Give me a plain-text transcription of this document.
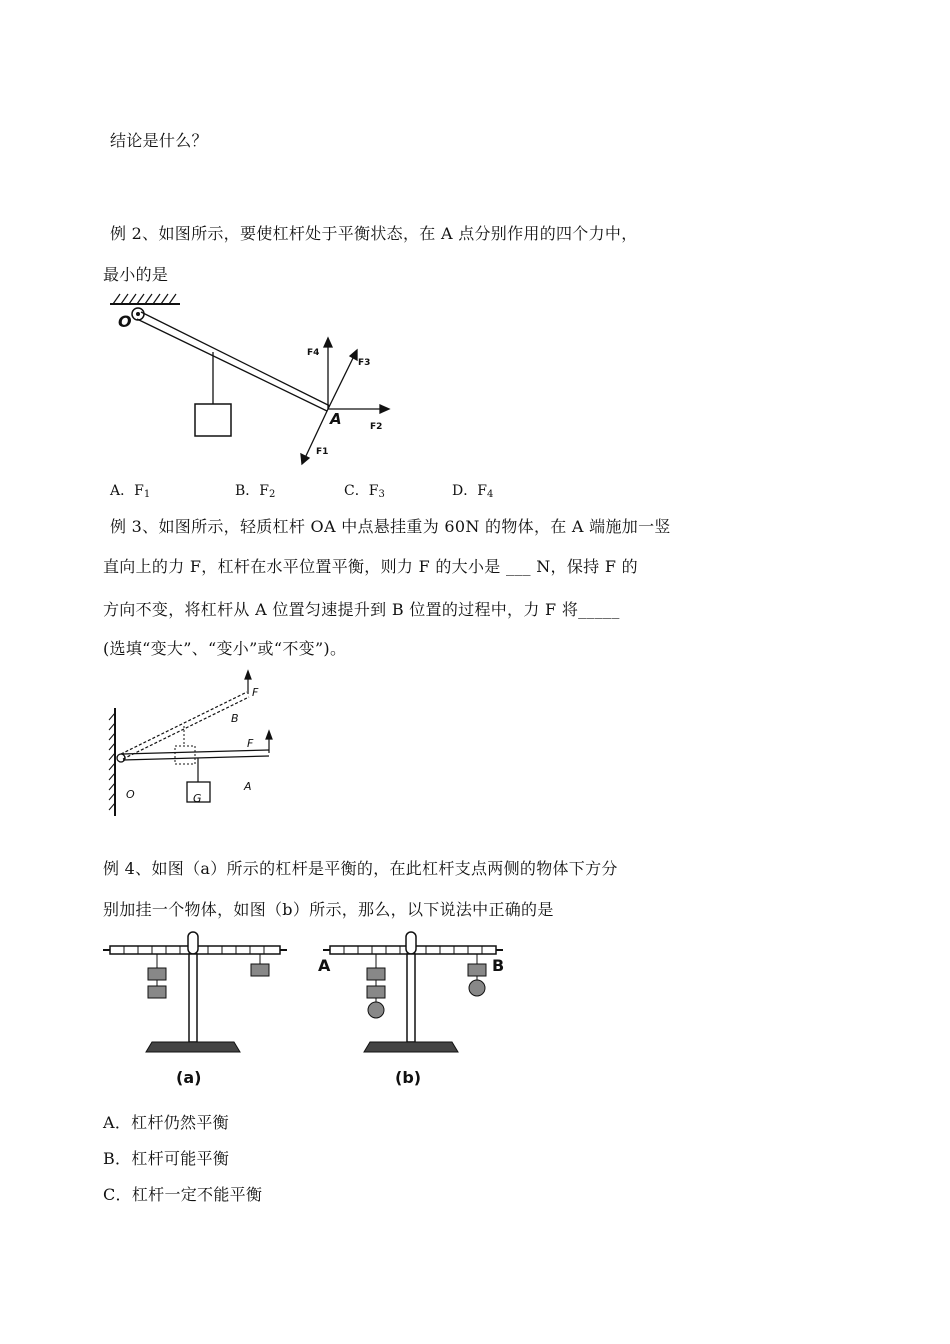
结论是什么？
例 2、如图所示，要使杠杆处于平衡状态，在 A 点分别作用的四个力中，
最小的是
O
A
F4
F3
F2
F1
A．$F_1$	B．$F_2$	C．$F_3$	D．$F_4$
例 3、如图所示，轻质杠杆 OA 中点悬挂重为 60N 的物体，在 A 端施加一竖
直向上的力 F，杠杆在水平位置平衡，则力 F 的大小是 ___ N，保持 F 的
方向不变，将杠杆从 A 位置匀速提升到 B 位置的过程中，力 F 将_____
(选填“变大”、“变小”或“不变”)。
F
B
F
A
O	G
例 4、如图（a）所示的杠杆是平衡的，在此杠杆支点两侧的物体下方分
别加挂一个物体，如图（b）所示，那么，以下说法中正确的是
A	B
(a)	(b)
A．杠杆仍然平衡
B．杠杆可能平衡
C．杠杆一定不能平衡
